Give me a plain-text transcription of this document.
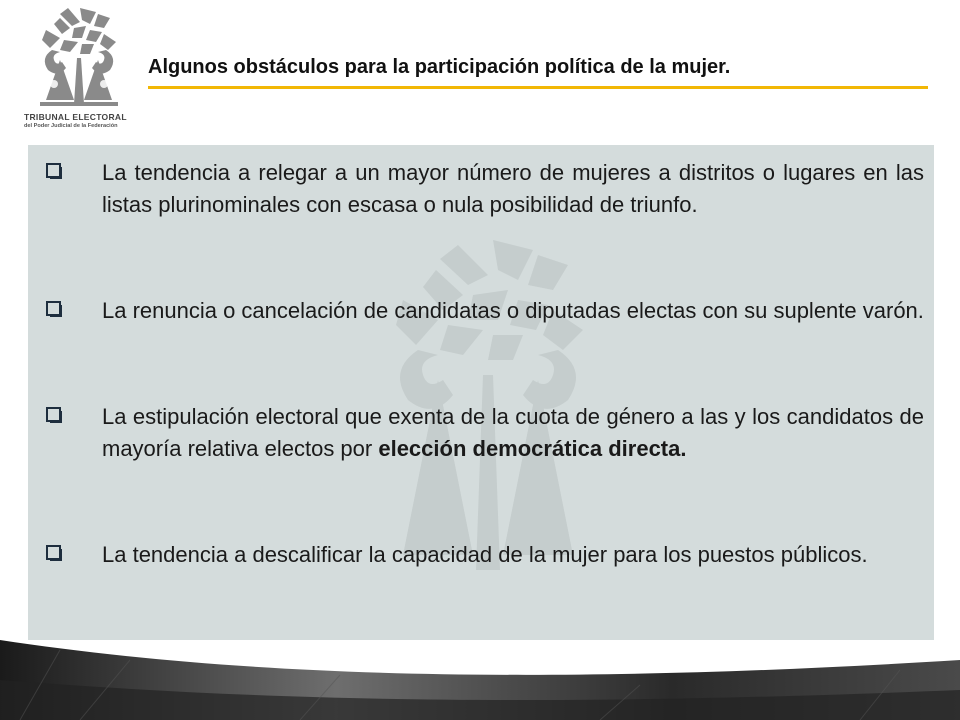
TRIBUNAL ELECTORAL
del Poder Judicial de la Federación
Algunos obstáculos para la participación política de la mujer.
La tendencia a relegar a un mayor número de mujeres a distritos o lugares en las listas plurinominales con escasa o nula posibilidad de triunfo.
La renuncia o cancelación de candidatas o diputadas electas con su suplente varón.
La estipulación electoral que exenta de la cuota de género a las y los candidatos de mayoría relativa electos por elección democrática directa.
La tendencia a descalificar la capacidad de la mujer para los puestos públicos.
